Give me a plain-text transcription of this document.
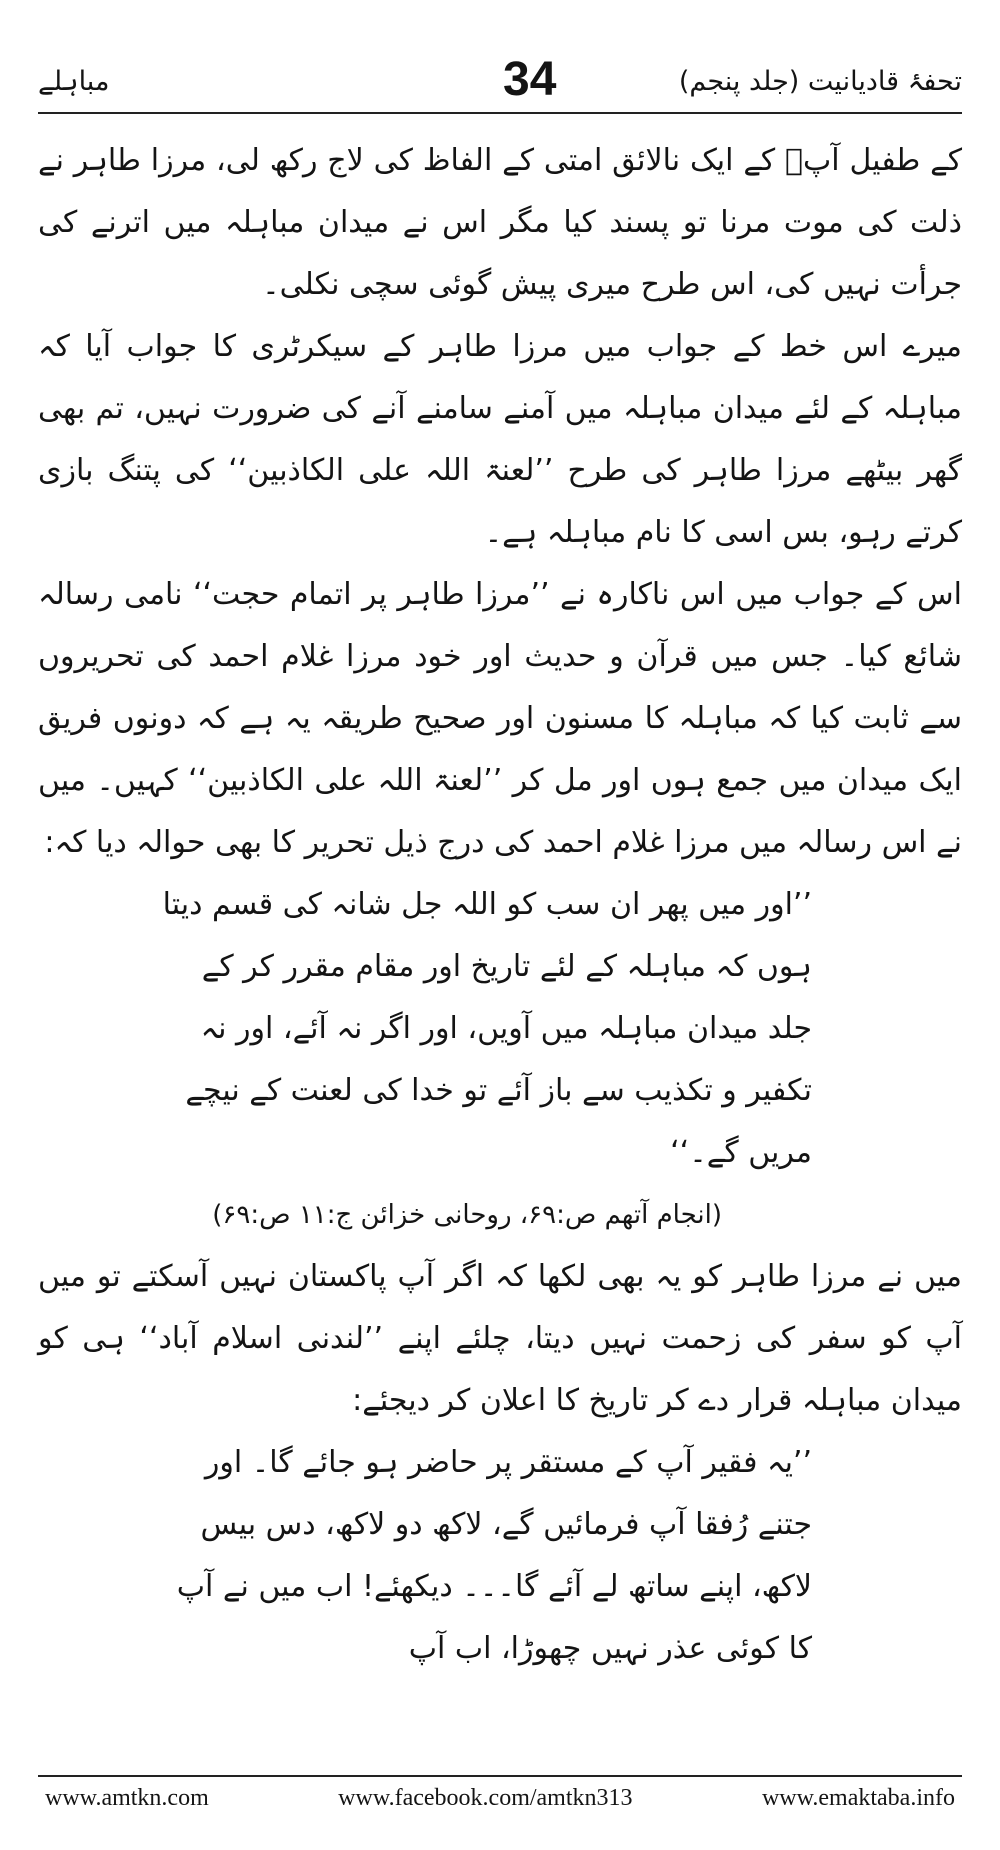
تحفۂ قادیانیت (جلد پنجم)
34
مباہلے

کے طفیل آپؐ کے ایک نالائق امتی کے الفاظ کی لاج رکھ لی، مرزا طاہر نے ذلت کی موت مرنا تو پسند کیا مگر اس نے میدان مباہلہ میں اترنے کی جرأت نہیں کی، اس طرح میری پیش گوئی سچی نکلی۔

میرے اس خط کے جواب میں مرزا طاہر کے سیکرٹری کا جواب آیا کہ مباہلہ کے لئے میدان مباہلہ میں آمنے سامنے آنے کی ضرورت نہیں، تم بھی گھر بیٹھے مرزا طاہر کی طرح ’’لعنۃ اللہ علی الکاذبین‘‘ کی پتنگ بازی کرتے رہو، بس اسی کا نام مباہلہ ہے۔

اس کے جواب میں اس ناکارہ نے ’’مرزا طاہر پر اتمام حجت‘‘ نامی رسالہ شائع کیا۔ جس میں قرآن و حدیث اور خود مرزا غلام احمد کی تحریروں سے ثابت کیا کہ مباہلہ کا مسنون اور صحیح طریقہ یہ ہے کہ دونوں فریق ایک میدان میں جمع ہوں اور مل کر ’’لعنۃ اللہ علی الکاذبین‘‘ کہیں۔ میں نے اس رسالہ میں مرزا غلام احمد کی درج ذیل تحریر کا بھی حوالہ دیا کہ:

’’اور میں پھر ان سب کو اللہ جل شانہ کی قسم دیتا ہوں کہ مباہلہ کے لئے تاریخ اور مقام مقرر کر کے جلد میدان مباہلہ میں آویں، اور اگر نہ آئے، اور نہ تکفیر و تکذیب سے باز آئے تو خدا کی لعنت کے نیچے مریں گے۔‘‘

(انجام آتھم ص:۶۹، روحانی خزائن ج:۱۱ ص:۶۹)

میں نے مرزا طاہر کو یہ بھی لکھا کہ اگر آپ پاکستان نہیں آسکتے تو میں آپ کو سفر کی زحمت نہیں دیتا، چلئے اپنے ’’لندنی اسلام آباد‘‘ ہی کو میدان مباہلہ قرار دے کر تاریخ کا اعلان کر دیجئے:

’’یہ فقیر آپ کے مستقر پر حاضر ہو جائے گا۔ اور جتنے رُفقا آپ فرمائیں گے، لاکھ دو لاکھ، دس بیس لاکھ، اپنے ساتھ لے آئے گا۔۔۔ دیکھئے! اب میں نے آپ کا کوئی عذر نہیں چھوڑا، اب آپ

www.amtkn.com	www.facebook.com/amtkn313	www.emaktaba.info
